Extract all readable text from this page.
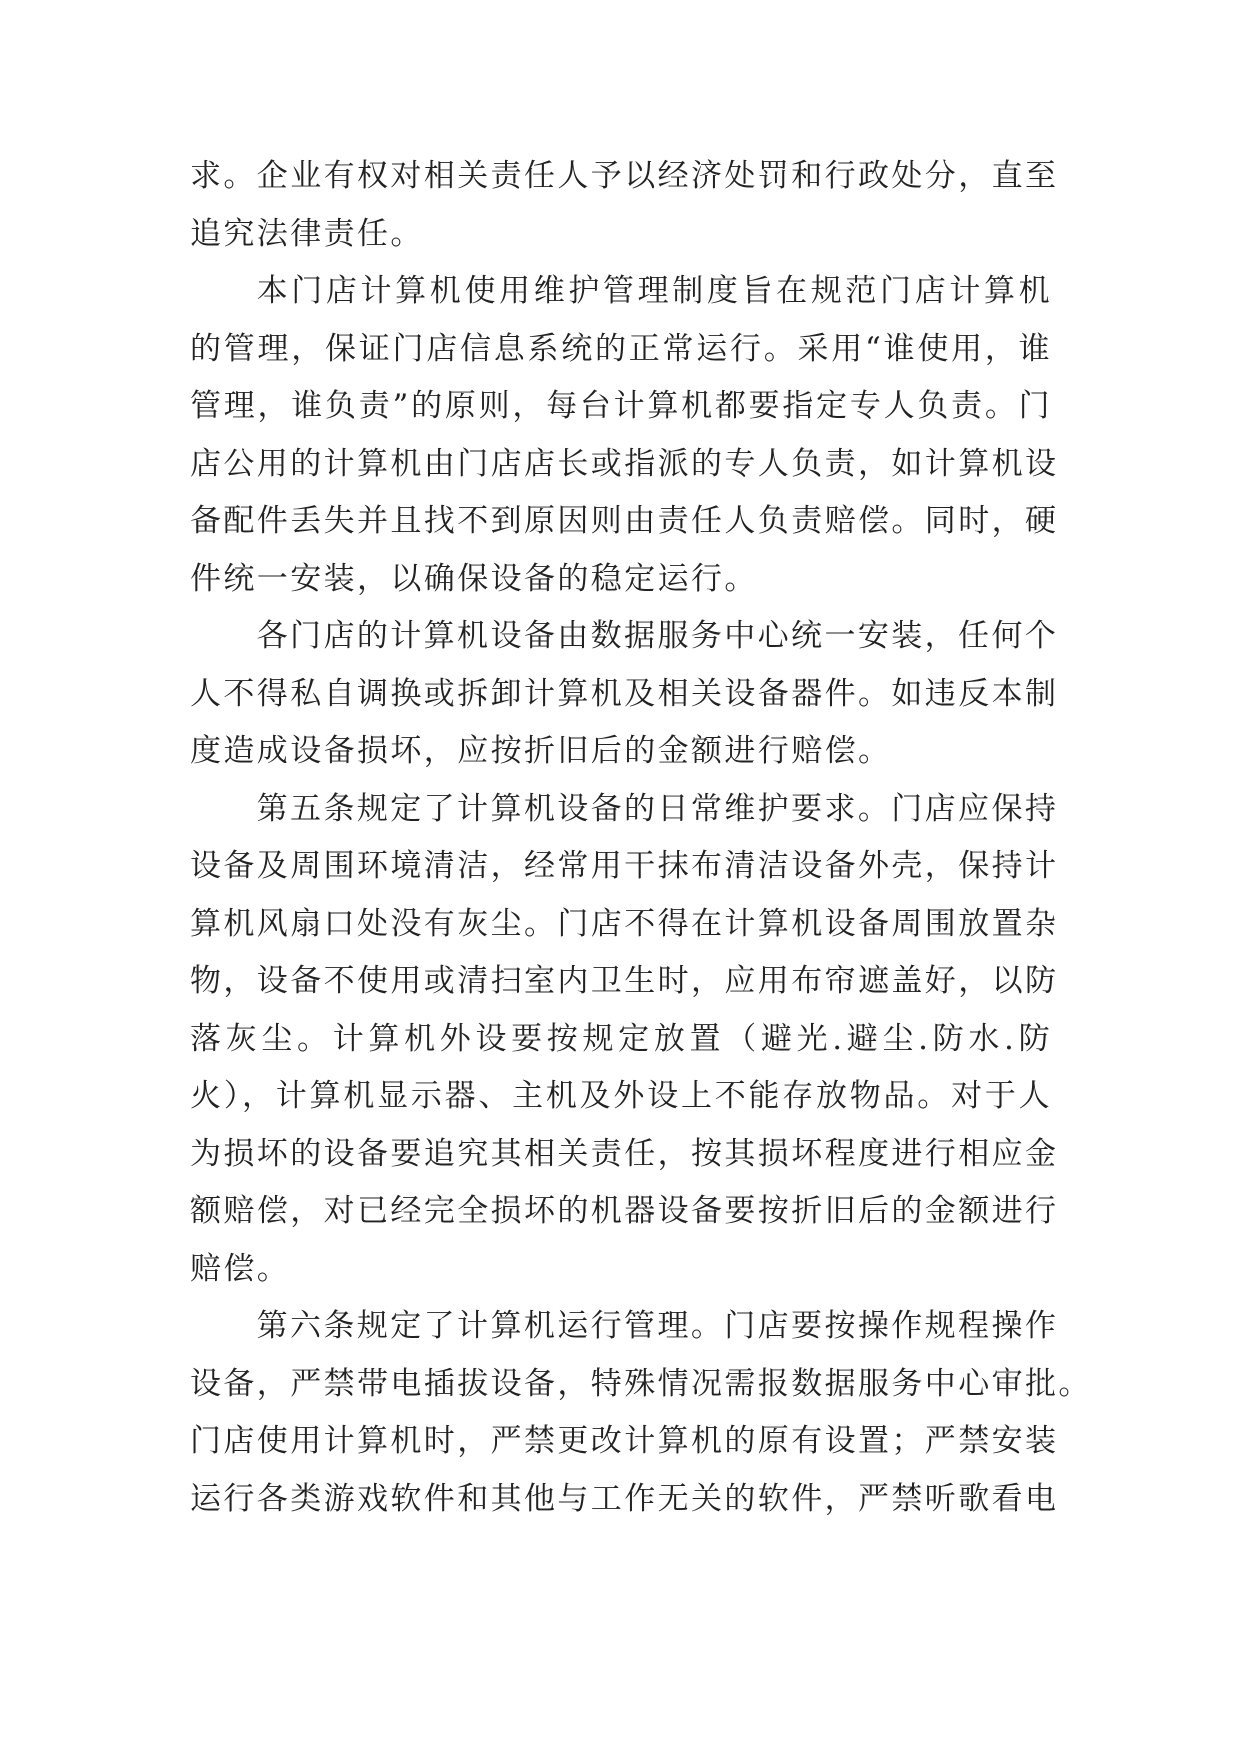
求。企业有权对相关责任人予以经济处罚和行政处分，直至
追究法律责任。
本门店计算机使用维护管理制度旨在规范门店计算机
的管理，保证门店信息系统的正常运行。采用“谁使用，谁
管理，谁负责”的原则，每台计算机都要指定专人负责。门
店公用的计算机由门店店长或指派的专人负责，如计算机设
备配件丢失并且找不到原因则由责任人负责赔偿。同时，硬
件统一安装，以确保设备的稳定运行。
各门店的计算机设备由数据服务中心统一安装，任何个
人不得私自调换或拆卸计算机及相关设备器件。如违反本制
度造成设备损坏，应按折旧后的金额进行赔偿。
第五条规定了计算机设备的日常维护要求。门店应保持
设备及周围环境清洁，经常用干抹布清洁设备外壳，保持计
算机风扇口处没有灰尘。门店不得在计算机设备周围放置杂
物，设备不使用或清扫室内卫生时，应用布帘遮盖好，以防
落灰尘。计算机外设要按规定放置（避光.避尘.防水.防
火），计算机显示器、主机及外设上不能存放物品。对于人
为损坏的设备要追究其相关责任，按其损坏程度进行相应金
额赔偿，对已经完全损坏的机器设备要按折旧后的金额进行
赔偿。
第六条规定了计算机运行管理。门店要按操作规程操作
设备，严禁带电插拔设备，特殊情况需报数据服务中心审批。
门店使用计算机时，严禁更改计算机的原有设置；严禁安装
运行各类游戏软件和其他与工作无关的软件，严禁听歌看电
